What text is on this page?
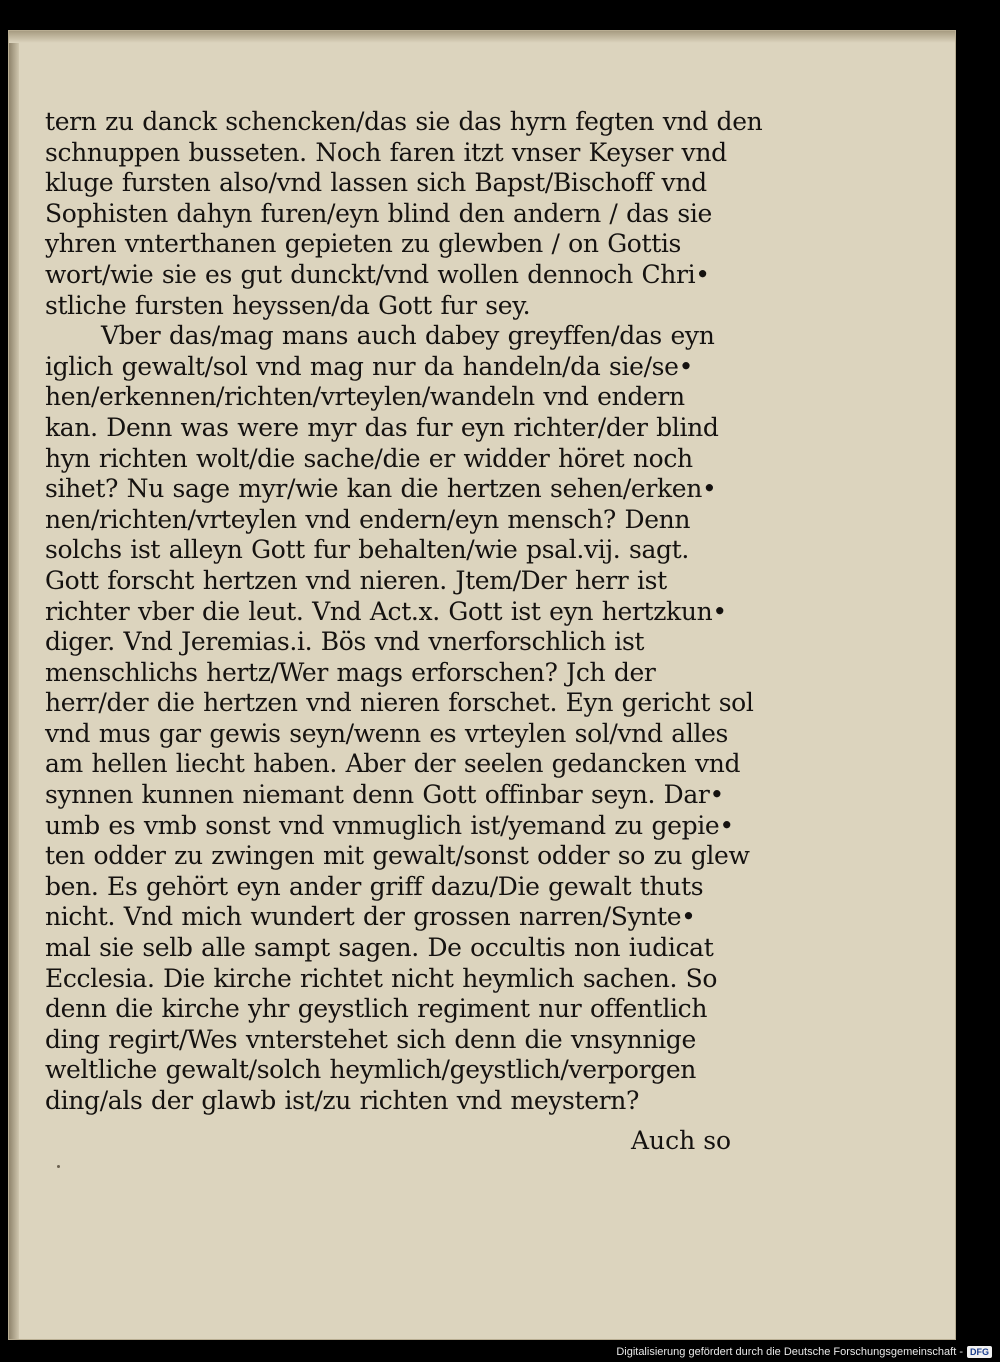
tern zu danck schencken/das sie das hyrn fegten vnd den
schnuppen busseten. Noch faren itzt vnser Keyser vnd
kluge fursten also/vnd lassen sich Bapst/Bischoff vnd
Sophisten dahyn furen/eyn blind den andern / das sie
yhren vnterthanen gepieten zu glewben / on Gottis
wort/wie sie es gut dunckt/vnd wollen dennoch Chri•
stliche fursten heyssen/da Gott fur sey.
Vber das/mag mans auch dabey greyffen/das eyn
iglich gewalt/sol vnd mag nur da handeln/da sie/se•
hen/erkennen/richten/vrteylen/wandeln vnd endern
kan. Denn was were myr das fur eyn richter/der blind
hyn richten wolt/die sache/die er widder höret noch
sihet? Nu sage myr/wie kan die hertzen sehen/erken•
nen/richten/vrteylen vnd endern/eyn mensch? Denn
solchs ist alleyn Gott fur behalten/wie psal.vij. sagt.
Gott forscht hertzen vnd nieren. Jtem/Der herr ist
richter vber die leut. Vnd Act.x. Gott ist eyn hertzkun•
diger. Vnd Jeremias.i. Bös vnd vnerforschlich ist
menschlichs hertz/Wer mags erforschen? Jch der
herr/der die hertzen vnd nieren forschet. Eyn gericht sol
vnd mus gar gewis seyn/wenn es vrteylen sol/vnd alles
am hellen liecht haben. Aber der seelen gedancken vnd
synnen kunnen niemant denn Gott offinbar seyn. Dar•
umb es vmb sonst vnd vnmuglich ist/yemand zu gepie•
ten odder zu zwingen mit gewalt/sonst odder so zu glew
ben. Es gehört eyn ander griff dazu/Die gewalt thuts
nicht. Vnd mich wundert der grossen narren/Synte•
mal sie selb alle sampt sagen. De occultis non iudicat
Ecclesia. Die kirche richtet nicht heymlich sachen. So
denn die kirche yhr geystlich regiment nur offentlich
ding regirt/Wes vnterstehet sich denn die vnsynnige
weltliche gewalt/solch heymlich/geystlich/verporgen
ding/als der glawb ist/zu richten vnd meystern?
Auch so
Digitalisierung gefördert durch die Deutsche Forschungsgemeinschaft - DFG
